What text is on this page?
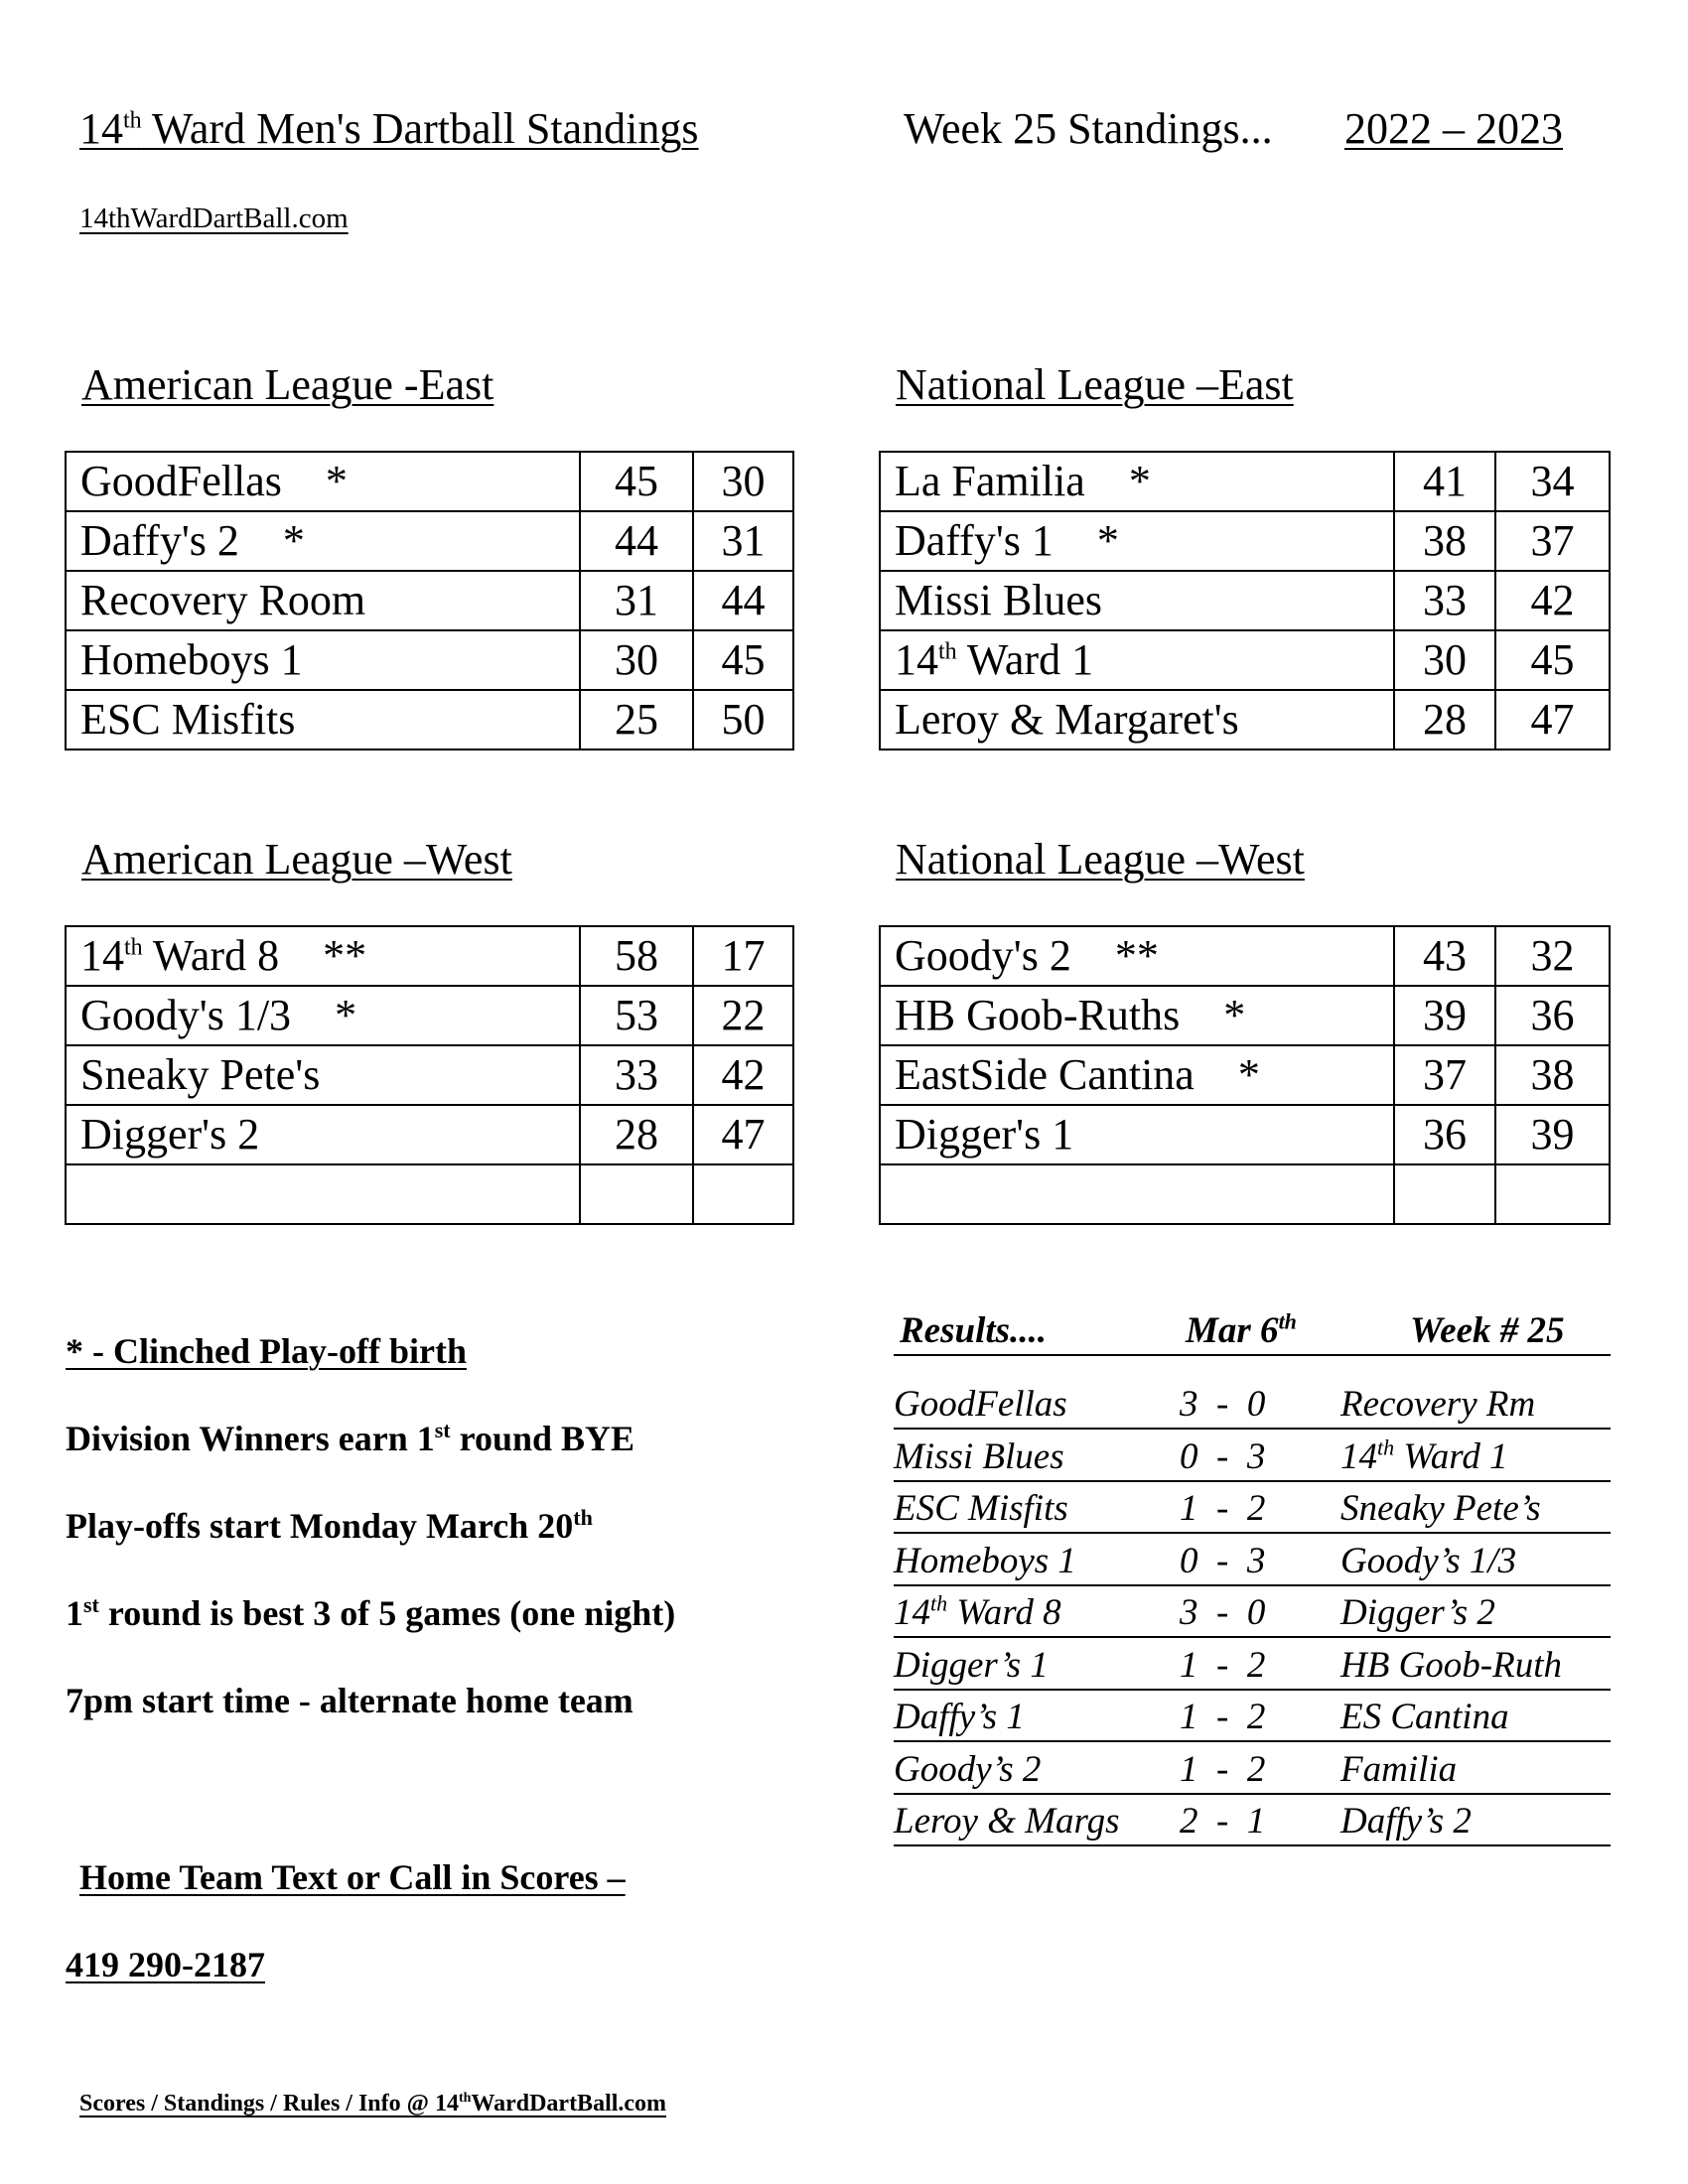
14th Ward Men's Dartball Standings	Week 25 Standings... 2022 – 2023
14thWardDartBall.com
American League -East
GoodFellas *	45	30
Daffy's 2 *	44	31
Recovery Room	31	44
Homeboys 1	30	45
ESC Misfits	25	50
National League –East
La Familia *	41	34
Daffy's 1 *	38	37
Missi Blues	33	42
14th Ward 1	30	45
Leroy & Margaret's	28	47
American League –West
14th Ward 8 **	58	17
Goody's 1/3 *	53	22
Sneaky Pete's	33	42
Digger's 2	28	47

National League –West
Goody's 2 **	43	32
HB Goob-Ruths *	39	36
EastSide Cantina *	37	38
Digger's 1	36	39

* - Clinched Play-off birth
Division Winners earn 1st round BYE
Play-offs start Monday March 20th
1st round is best 3 of 5 games (one night)
7pm start time - alternate home team
Home Team Text or Call in Scores –
419 290-2187
Results....	Mar 6th	Week # 25
GoodFellas	3  -  0 Recovery Rm
Missi Blues	0  -  3 14th Ward 1
ESC Misfits	1  -  2 Sneaky Pete’s
Homeboys 1	0  -  3 Goody’s 1/3
14th Ward 8	3  -  0 Digger’s 2
Digger’s 1	1  -  2 HB Goob-Ruth
Daffy’s 1	1  -  2 ES Cantina
Goody’s 2	1  -  2 Familia
Leroy & Margs 2  -  1 Daffy’s 2
Scores / Standings / Rules / Info @ 14thWardDartBall.com
